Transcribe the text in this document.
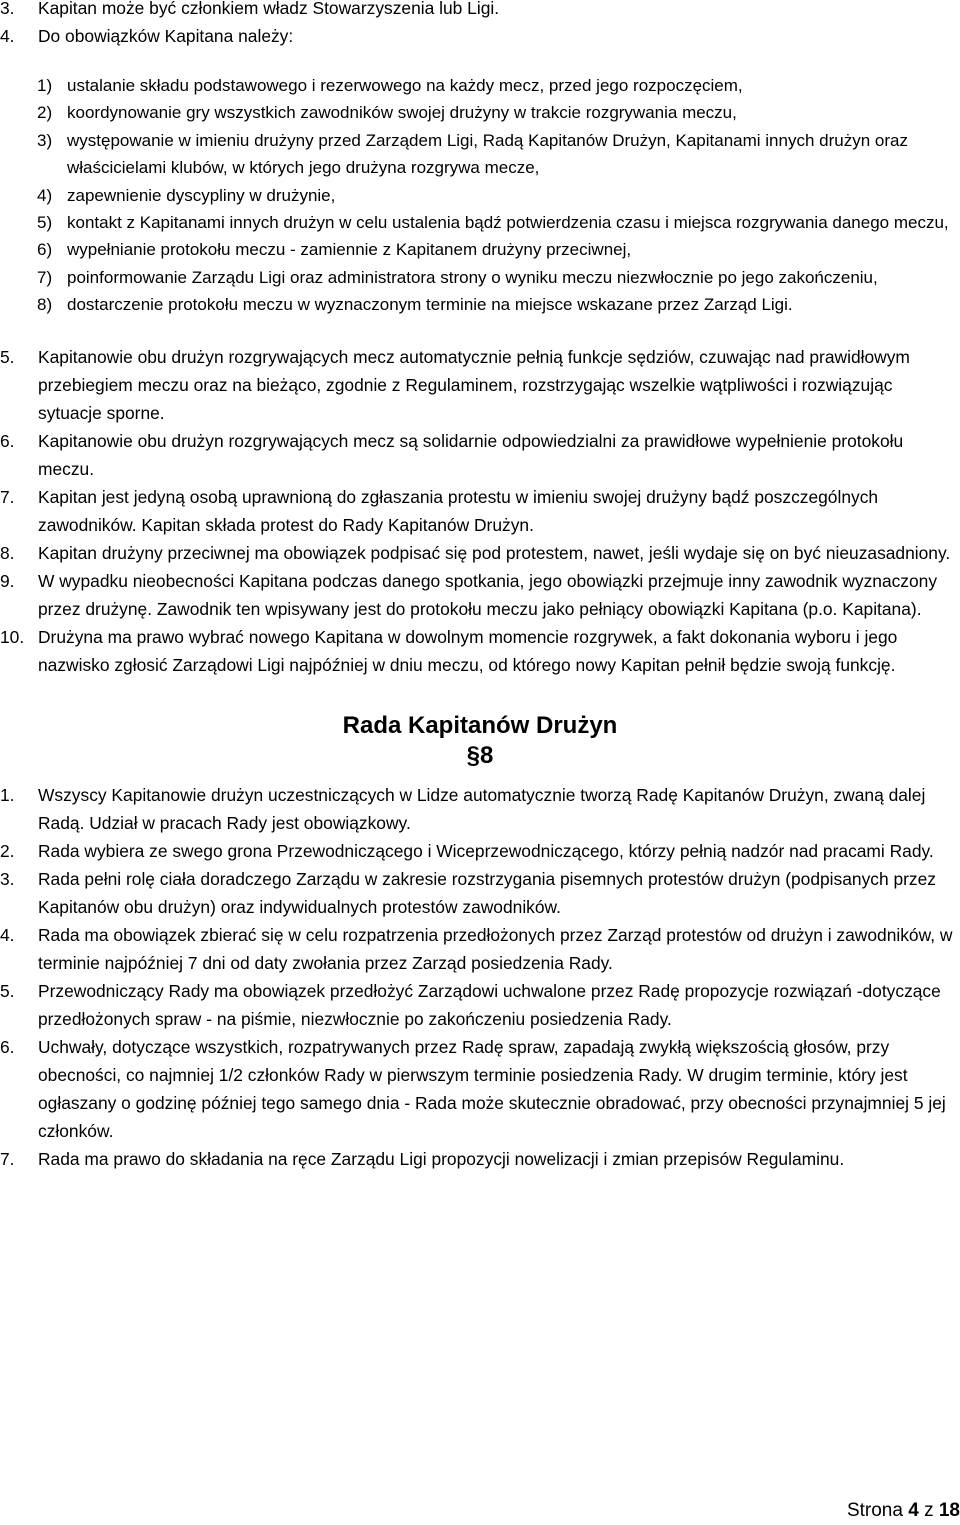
3. Kapitan może być członkiem władz Stowarzyszenia lub Ligi.
4. Do obowiązków Kapitana należy:
1) ustalanie składu podstawowego i rezerwowego na każdy mecz, przed jego rozpoczęciem,
2) koordynowanie gry wszystkich zawodników swojej drużyny w trakcie rozgrywania meczu,
3) występowanie w imieniu drużyny przed Zarządem Ligi, Radą Kapitanów Drużyn, Kapitanami innych drużyn oraz właścicielami klubów, w których jego drużyna rozgrywa mecze,
4) zapewnienie dyscypliny w drużynie,
5) kontakt z Kapitanami innych drużyn w celu ustalenia bądź potwierdzenia czasu i miejsca rozgrywania danego meczu,
6) wypełnianie protokołu meczu - zamiennie z Kapitanem drużyny przeciwnej,
7) poinformowanie Zarządu Ligi oraz administratora strony o wyniku meczu niezwłocznie po jego zakończeniu,
8) dostarczenie protokołu meczu w wyznaczonym terminie na miejsce wskazane przez Zarząd Ligi.
5. Kapitanowie obu drużyn rozgrywających mecz automatycznie pełnią funkcje sędziów, czuwając nad prawidłowym przebiegiem meczu oraz na bieżąco, zgodnie z Regulaminem, rozstrzygając wszelkie wątpliwości i rozwiązując sytuacje sporne.
6. Kapitanowie obu drużyn rozgrywających mecz są solidarnie odpowiedzialni za prawidłowe wypełnienie protokołu meczu.
7. Kapitan jest jedyną osobą uprawnioną do zgłaszania protestu w imieniu swojej drużyny bądź poszczególnych zawodników. Kapitan składa protest do Rady Kapitanów Drużyn.
8. Kapitan drużyny przeciwnej ma obowiązek podpisać się pod protestem, nawet, jeśli wydaje się on być nieuzasadniony.
9. W wypadku nieobecności Kapitana podczas danego spotkania, jego obowiązki przejmuje inny zawodnik wyznaczony przez drużynę. Zawodnik ten wpisywany jest do protokołu meczu jako pełniący obowiązki Kapitana (p.o. Kapitana).
10. Drużyna ma prawo wybrać nowego Kapitana w dowolnym momencie rozgrywek, a fakt dokonania wyboru i jego nazwisko zgłosić Zarządowi Ligi najpóźniej w dniu meczu, od którego nowy Kapitan pełnił będzie swoją funkcję.
Rada Kapitanów Drużyn
§8
1. Wszyscy Kapitanowie drużyn uczestniczących w Lidze automatycznie tworzą Radę Kapitanów Drużyn, zwaną dalej Radą. Udział w pracach Rady jest obowiązkowy.
2. Rada wybiera ze swego grona Przewodniczącego i Wiceprzewodniczącego, którzy pełnią nadzór nad pracami Rady.
3. Rada pełni rolę ciała doradczego Zarządu w zakresie rozstrzygania pisemnych protestów drużyn (podpisanych przez Kapitanów obu drużyn) oraz indywidualnych protestów zawodników.
4. Rada ma obowiązek zbierać się w celu rozpatrzenia przedłożonych przez Zarząd protestów od drużyn i zawodników, w terminie najpóźniej 7 dni od daty zwołania przez Zarząd posiedzenia Rady.
5. Przewodniczący Rady ma obowiązek przedłożyć Zarządowi uchwalone przez Radę propozycje rozwiązań -dotyczące przedłożonych spraw - na piśmie, niezwłocznie po zakończeniu posiedzenia Rady.
6. Uchwały, dotyczące wszystkich, rozpatrywanych przez Radę spraw, zapadają zwykłą większością głosów, przy obecności, co najmniej 1/2 członków Rady w pierwszym terminie posiedzenia Rady. W drugim terminie, który jest ogłaszany o godzinę później tego samego dnia - Rada może skutecznie obradować, przy obecności przynajmniej 5 jej członków.
7. Rada ma prawo do składania na ręce Zarządu Ligi propozycji nowelizacji i zmian przepisów Regulaminu.
Strona 4 z 18
